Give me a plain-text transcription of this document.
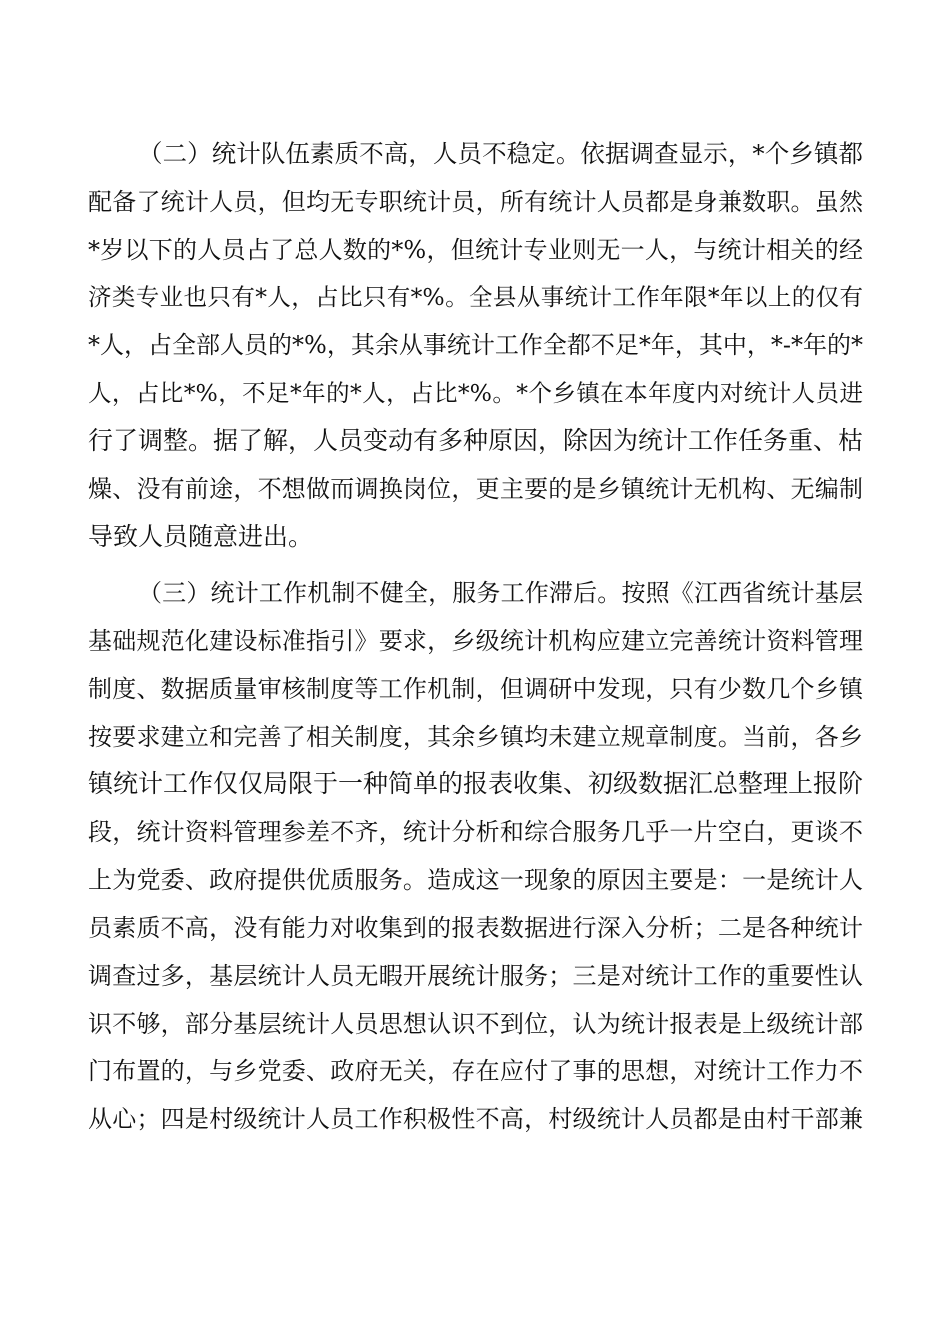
（二）统计队伍素质不高，人员不稳定。依据调查显示，*个乡镇都
配备了统计人员，但均无专职统计员，所有统计人员都是身兼数职。虽然
*岁以下的人员占了总人数的*%，但统计专业则无一人，与统计相关的经
济类专业也只有*人，占比只有*%。全县从事统计工作年限*年以上的仅有
*人，占全部人员的*%，其余从事统计工作全都不足*年，其中，*-*年的*
人，占比*%，不足*年的*人，占比*%。*个乡镇在本年度内对统计人员进
行了调整。据了解，人员变动有多种原因，除因为统计工作任务重、枯
燥、没有前途，不想做而调换岗位，更主要的是乡镇统计无机构、无编制
导致人员随意进出。
（三）统计工作机制不健全，服务工作滞后。按照《江西省统计基层
基础规范化建设标准指引》要求，乡级统计机构应建立完善统计资料管理
制度、数据质量审核制度等工作机制，但调研中发现，只有少数几个乡镇
按要求建立和完善了相关制度，其余乡镇均未建立规章制度。当前，各乡
镇统计工作仅仅局限于一种简单的报表收集、初级数据汇总整理上报阶
段，统计资料管理参差不齐，统计分析和综合服务几乎一片空白，更谈不
上为党委、政府提供优质服务。造成这一现象的原因主要是：一是统计人
员素质不高，没有能力对收集到的报表数据进行深入分析；二是各种统计
调查过多，基层统计人员无暇开展统计服务；三是对统计工作的重要性认
识不够，部分基层统计人员思想认识不到位，认为统计报表是上级统计部
门布置的，与乡党委、政府无关，存在应付了事的思想，对统计工作力不
从心；四是村级统计人员工作积极性不高，村级统计人员都是由村干部兼
